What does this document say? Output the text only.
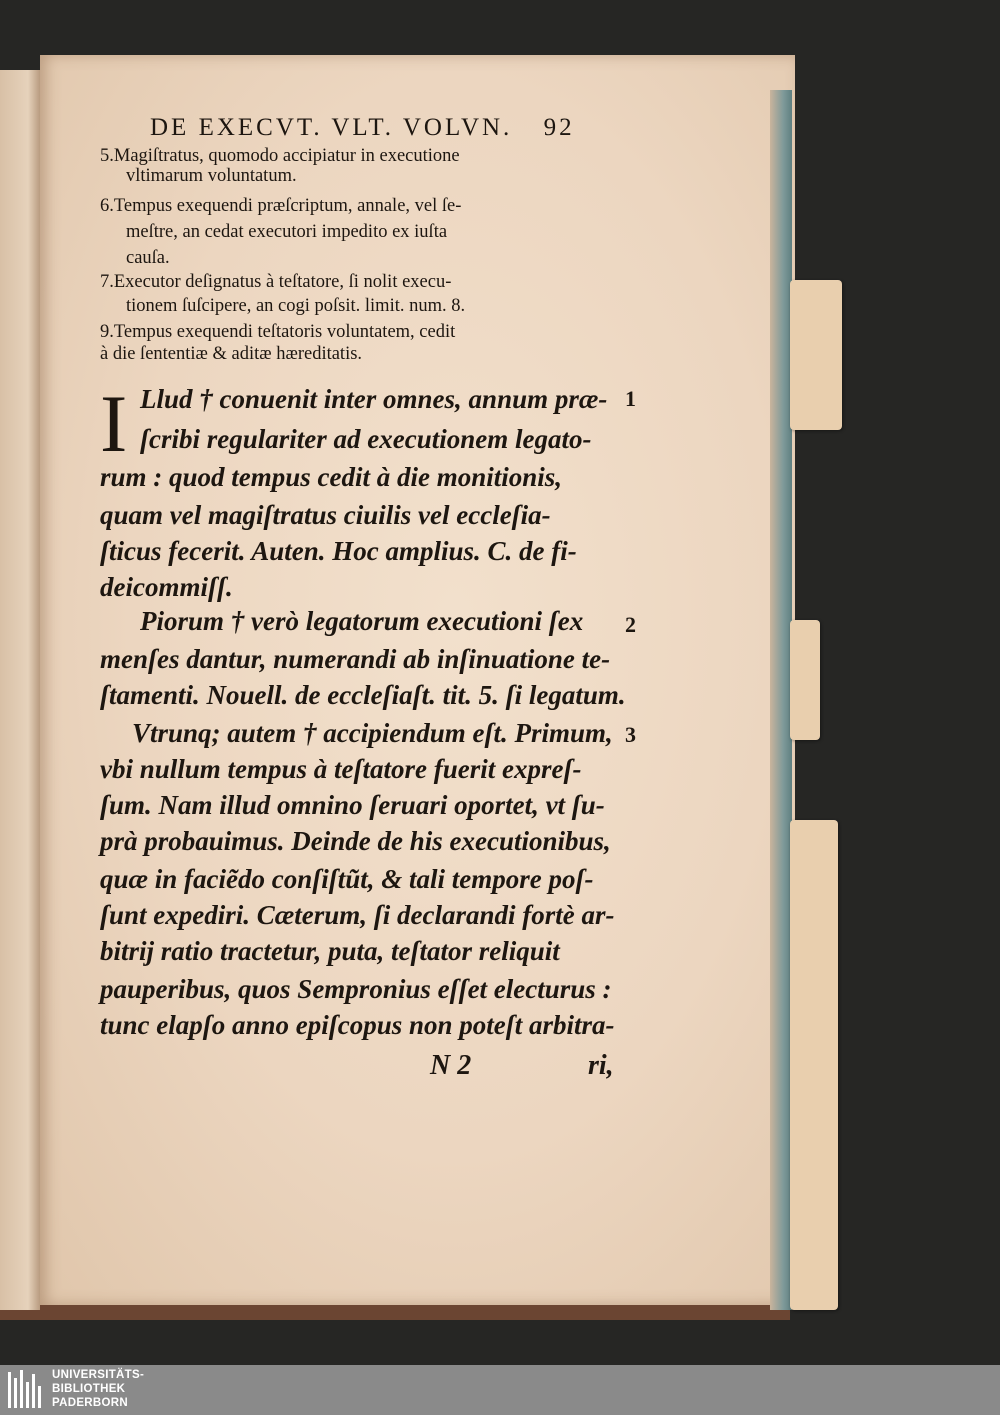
DE EXECVT. VLT. VOLVN. 92
5.Magiſtratus, quomodo accipiatur in executione
vltimarum voluntatum.
6.Tempus exequendi præſcriptum, annale, vel ſe-
meſtre, an cedat executori impedito ex iuſta
cauſa.
7.Executor deſignatus à teſtatore, ſi nolit execu-
tionem ſuſcipere, an cogi poſsit. limit. num. 8.
9.Tempus exequendi teſtatoris voluntatem, cedit
à die ſententiæ & aditæ hæreditatis.
I Llud † conuenit inter omnes, annum præ-
ſcribi regulariter ad executionem legato-
rum : quod tempus cedit à die monitionis,
quam vel magiſtratus ciuilis vel eccleſia-
ſticus fecerit. Auten. Hoc amplius. C. de fi-
deicommiſſ.
Piorum † verò legatorum executioni ſex
menſes dantur, numerandi ab inſinuatione te-
ſtamenti. Nouell. de eccleſiaſt. tit. 5. ſi legatum.
Vtrunq; autem † accipiendum eſt. Primum,
vbi nullum tempus à teſtatore fuerit expreſ-
ſum. Nam illud omnino ſeruari oportet, vt ſu-
prà probauimus. Deinde de his executionibus,
quæ in faciẽdo conſiſtũt, & tali tempore poſ-
ſunt expediri. Cæterum, ſi declarandi fortè ar-
bitrij ratio tractetur, puta, teſtator reliquit
pauperibus, quos Sempronius eſſet electurus :
tunc elapſo anno epiſcopus non poteſt arbitra-
1
2
3
N 2	ri,
UNIVERSITÄTS-
BIBLIOTHEK
PADERBORN
